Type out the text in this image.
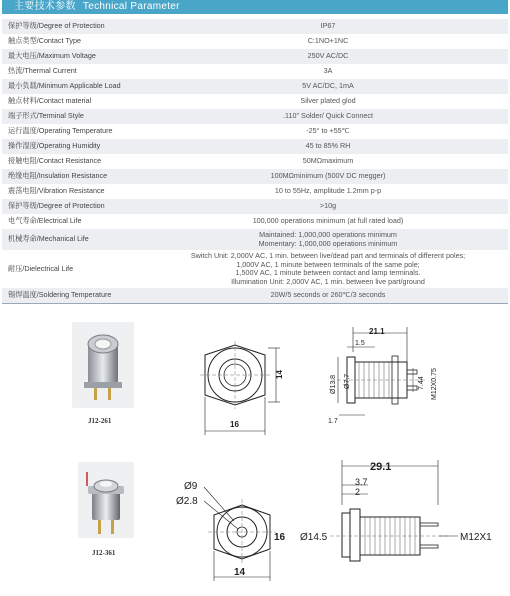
主要技术参数 Technical Parameter
保护等级/Degree of Protection	IP67

触点类型/Contact Type	C:1NO+1NC

最大电压/Maximum Voltage	250V AC/DC

热流/Thermal Current	3A

最小负载/Minimum Applicable Load	5V AC/DC, 1mA

触点材料/Contact material	Silver plated glod

端子形式/Terminal Style	.110" Solder/ Quick Connect

运行温度/Operating Temperature	-25° to +55℃

操作湿度/Operating Humidity	45 to 85% RH

接触电阻/Contact Resistance	50MΩmaximum

绝缘电阻/Insulation Resistance	100MΩminimum (500V DC megger)

震荡电阻/Vibration Resistance	10 to 55Hz, amplitude 1.2mm p-p

保护等级/Degree of Protection	>10g

电气寿命/Electrical Life	100,000 operations minimum (at full rated load)

机械寿命/Mechanical Life	Maintained: 1,000,000 operations minimum
Momentary: 1,000,000 operations minimum

耐压/Dielectrical Life	Switch Unit: 2,000V AC, 1 min. between live/dead part and terminals of different poles;
1,000V AC, 1 minute between terminals of the same pole;
1,500V AC, 1 minute between contact and lamp terminals.
Illumination Unit: 2,000V AC, 1 min. between live part/ground

锡焊温度/Soldering Temperature	20W/5 seconds or 260℃/3 seconds
J12-261
J12-361
16
14
21.1
1.5
Ø13.8 Ø7.7	7.44 M12X0.75
1.7
Ø9
Ø2.8
14
16
29.1
3.7
2
Ø14.5	M12X1
